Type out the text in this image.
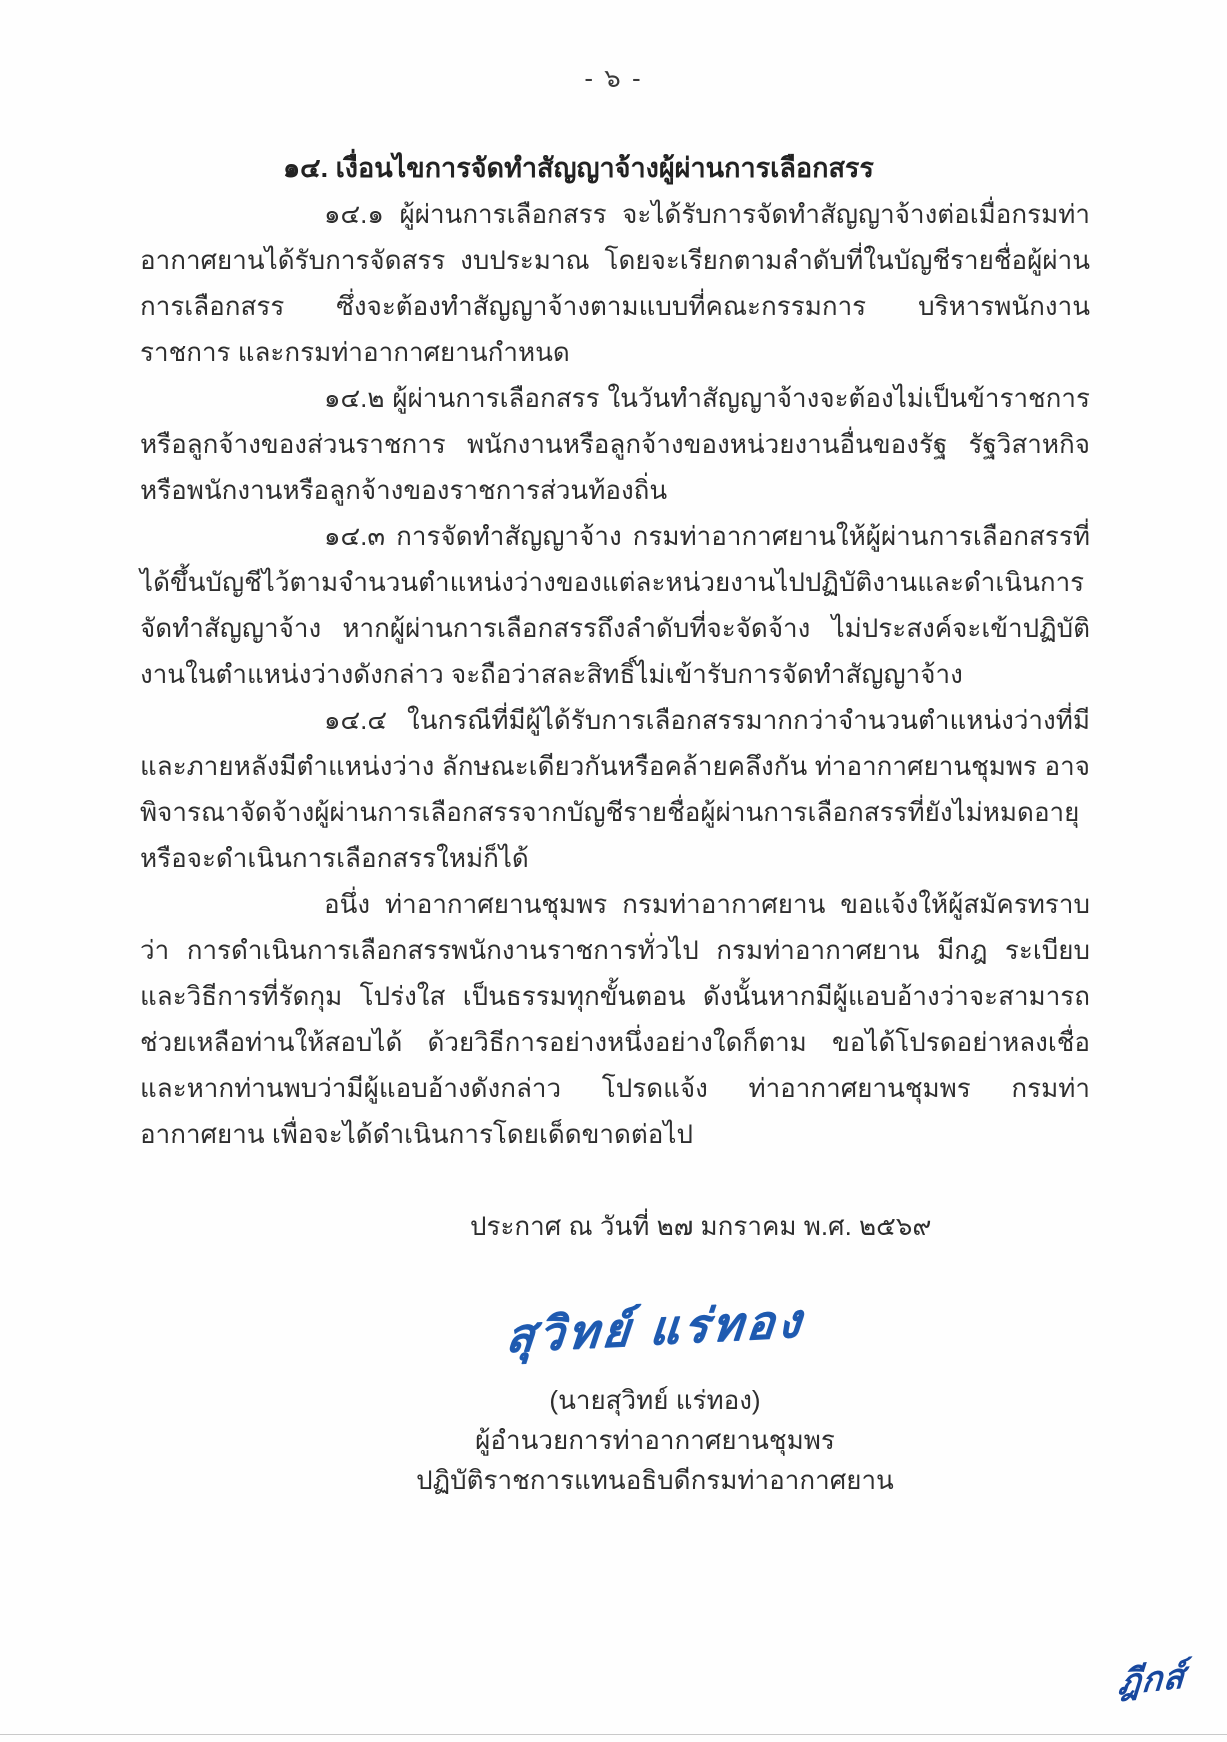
- ๖ -
๑๔. เงื่อนไขการจัดทำสัญญาจ้างผู้ผ่านการเลือกสรร

๑๔.๑ ผู้ผ่านการเลือกสรร จะได้รับการจัดทำสัญญาจ้างต่อเมื่อกรมท่าอากาศยานได้รับการจัดสรร งบประมาณ โดยจะเรียกตามลำดับที่ในบัญชีรายชื่อผู้ผ่านการเลือกสรร ซึ่งจะต้องทำสัญญาจ้างตามแบบที่คณะกรรมการ บริหารพนักงานราชการ และกรมท่าอากาศยานกำหนด

๑๔.๒ ผู้ผ่านการเลือกสรร ในวันทำสัญญาจ้างจะต้องไม่เป็นข้าราชการหรือลูกจ้างของส่วนราชการ พนักงานหรือลูกจ้างของหน่วยงานอื่นของรัฐ รัฐวิสาหกิจ หรือพนักงานหรือลูกจ้างของราชการส่วนท้องถิ่น

๑๔.๓ การจัดทำสัญญาจ้าง กรมท่าอากาศยานให้ผู้ผ่านการเลือกสรรที่ได้ขึ้นบัญชีไว้ตามจำนวนตำแหน่งว่างของแต่ละหน่วยงานไปปฏิบัติงานและดำเนินการจัดทำสัญญาจ้าง หากผู้ผ่านการเลือกสรรถึงลำดับที่จะจัดจ้าง ไม่ประสงค์จะเข้าปฏิบัติงานในตำแหน่งว่างดังกล่าว จะถือว่าสละสิทธิ์ไม่เข้ารับการจัดทำสัญญาจ้าง

๑๔.๔ ในกรณีที่มีผู้ได้รับการเลือกสรรมากกว่าจำนวนตำแหน่งว่างที่มี และภายหลังมีตำแหน่งว่าง ลักษณะเดียวกันหรือคล้ายคลึงกัน ท่าอากาศยานชุมพร อาจพิจารณาจัดจ้างผู้ผ่านการเลือกสรรจากบัญชีรายชื่อผู้ผ่านการเลือกสรรที่ยังไม่หมดอายุหรือจะดำเนินการเลือกสรรใหม่ก็ได้

อนึ่ง ท่าอากาศยานชุมพร กรมท่าอากาศยาน ขอแจ้งให้ผู้สมัครทราบว่า การดำเนินการเลือกสรรพนักงานราชการทั่วไป กรมท่าอากาศยาน มีกฎ ระเบียบ และวิธีการที่รัดกุม โปร่งใส เป็นธรรมทุกขั้นตอน ดังนั้นหากมีผู้แอบอ้างว่าจะสามารถช่วยเหลือท่านให้สอบได้ ด้วยวิธีการอย่างหนึ่งอย่างใดก็ตาม ขอได้โปรดอย่าหลงเชื่อ และหากท่านพบว่ามีผู้แอบอ้างดังกล่าว โปรดแจ้ง ท่าอากาศยานชุมพร กรมท่าอากาศยาน เพื่อจะได้ดำเนินการโดยเด็ดขาดต่อไป

ประกาศ ณ วันที่ ๒๗ มกราคม พ.ศ. ๒๕๖๙
สุวิทย์ แร่ทอง
(นายสุวิทย์ แร่ทอง)
ผู้อำนวยการท่าอากาศยานชุมพร
ปฏิบัติราชการแทนอธิบดีกรมท่าอากาศยาน
ฎีกส์
